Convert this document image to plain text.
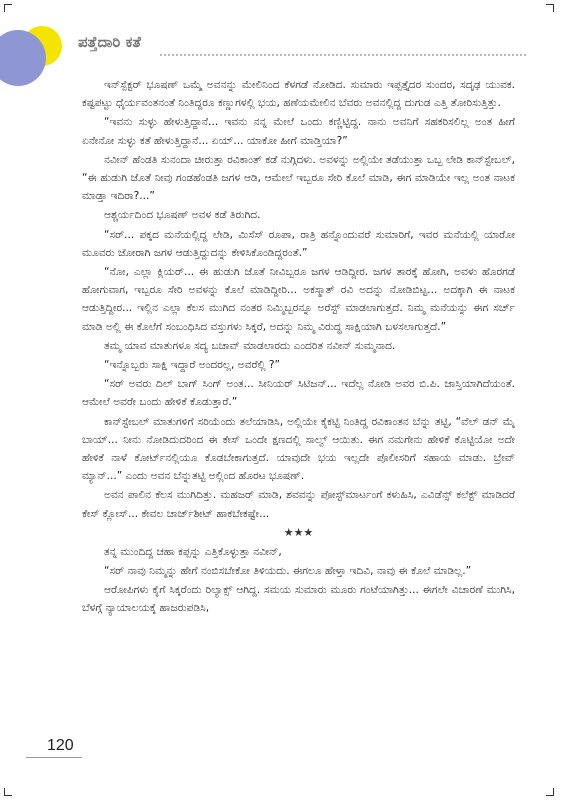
ಪತ್ತೆದಾರಿ ಕತೆ

ಇನ್‌ಸ್ಪೆಕ್ಟರ್ ಭೂಷಣ್ ಒಮ್ಮೆ ಅವನನ್ನು ಮೇಲಿನಿಂದ ಕೆಳಗಡೆ ನೋಡಿದ. ಸುಮಾರು ಇಪ್ಪತ್ತೈದರ ಸುಂದರ, ಸದೃಢ ಯುವಕ. ಕಷ್ಟಪಟ್ಟು ಧೈರ್ಯವಂತನಂತೆ ನಿಂತಿದ್ದರೂ ಕಣ್ಣುಗಳಲ್ಲಿ ಭಯ, ಹಣೆಯಮೇಲಿನ ಬೆವರು ಅವನಲ್ಲಿದ್ದ ದುಗುಡ ಎತ್ತಿ ತೋರಿಸುತ್ತಿತ್ತು.

“ಇವನು ಸುಳ್ಳು ಹೇಳುತ್ತಿದ್ದಾನೆ... ಇವನು ನನ್ನ ಮೇಲೆ ಒಂದು ಕಣ್ಣಿಟ್ಟಿದ್ದ. ನಾನು ಅವನಿಗೆ ಸಹಕರಿಸಲಿಲ್ಲ ಅಂತ ಹೀಗೆ ಏನೇನೋ ಸುಳ್ಳು ಕತೆ ಹೇಳುತ್ತಿದ್ದಾನೆ... ಏಯ್... ಯಾಕೋ ಹೀಗೆ ಮಾಡ್ತಿಯಾ?”

ನವೀನ್ ಹೆಂಡತಿ ಸುನಂದಾ ಚೀರುತ್ತಾ ರವಿಕಾಂತ್ ಕಡೆ ನುಗ್ಗಿದಳು. ಅವಳನ್ನು ಅಲ್ಲಿಯೇ ತಡೆಯುತ್ತಾ ಒಬ್ಬ ಲೇಡಿ ಕಾನ್‌ಸ್ಟೇಬಲ್, “ಈ ಹುಡುಗಿ ಜೊತೆ ನೀವು ಗಂಡಹೆಂಡತಿ ಜಗಳ ಆಡಿ, ಆಮೇಲೆ ಇಬ್ಬರೂ ಸೇರಿ ಕೊಲೆ ಮಾಡಿ, ಈಗ ಮಾಡಿಯೇ ಇಲ್ಲ ಅಂತ ನಾಟಕ ಮಾಡ್ತಾ ಇದಿರಾ?...”

ಆಶ್ಚರ್ಯದಿಂದ ಭೂಷಣ್ ಅವಳ ಕಡೆ ತಿರುಗಿದ.

“ಸರ್... ಪಕ್ಕದ ಮನೆಯಲ್ಲಿದ್ದ ಲೇಡಿ, ಮಿಸೆಸ್ ರೂಪಾ, ರಾತ್ರಿ ಹನ್ನೊಂದುವರೆ ಸುಮಾರಿಗೆ, ಇವರ ಮನೆಯಲ್ಲಿ ಯಾರೋ ಮೂವರು ಜೋರಾಗಿ ಜಗಳ ಆಡುತ್ತಿದ್ದುದನ್ನು ಕೇಳಿಸಿಕೊಂಡಿದ್ದರಂತೆ.”

“ನೋ, ಎಲ್ಲಾ ಕ್ಲಿಯರ್... ಈ ಹುಡುಗಿ ಜೊತೆ ನೀವಿಬ್ಬರೂ ಜಗಳ ಆಡಿದ್ದೀರ. ಜಗಳ ತಾರಕ್ಕೆ ಹೋಗಿ, ಅವಳು ಹೊರಗಡೆ ಹೋಗುವಾಗ, ಇಬ್ಬರೂ ಸೇರಿ ಅವಳನ್ನು ಕೊಲೆ ಮಾಡಿದ್ದೀರಿ... ಅಕಸ್ಮಾತ್ ರವಿ ಅದನ್ನು ನೋಡಿಬಿಟ್ಟ... ಅದಕ್ಕಾಗಿ ಈ ನಾಟಕ ಆಡುತ್ತಿದ್ದೀರ... ಇಲ್ಲಿನ ಎಲ್ಲಾ ಕೆಲಸ ಮುಗಿದ ನಂತರ ನಿಮ್ಮಿಬ್ಬರನ್ನೂ ಅರೆಸ್ಟ್ ಮಾಡಲಾಗುತ್ತದೆ. ನಿಮ್ಮ ಮನೆಯನ್ನು ಈಗ ಸರ್ಚ್ ಮಾಡಿ ಅಲ್ಲಿ ಈ ಕೊಲೆಗೆ ಸಂಬಂಧಿಸಿದ ವಸ್ತುಗಳು ಸಿಕ್ಕರೆ, ಅದನ್ನು ನಿಮ್ಮ ವಿರುದ್ಧ ಸಾಕ್ಷಿಯಾಗಿ ಬಳಸಲಾಗುತ್ತದೆ.”

ತಮ್ಮ ಯಾವ ಮಾತುಗಳೂ ಸದ್ಯ ಬಚಾವ್ ಮಾಡಲಾರದು ಎಂದರಿತ ನವೀನ್ ಸುಮ್ಮನಾದ.

“ಇನ್ನೊಬ್ಬರು ಸಾಕ್ಷಿ ಇದ್ದಾರೆ ಅಂದರಲ್ಲ, ಅವರೆಲ್ಲಿ ?”

“ಸರ್ ಅವರು ದಿಲ್ ಬಾಗ್ ಸಿಂಗ್ ಅಂತ... ಸೀನಿಯರ್ ಸಿಟಿಜನ್... ಇದೆಲ್ಲ ನೋಡಿ ಅವರ ಬಿ.ಪಿ. ಜಾಸ್ತಿಯಾಗಿದೆಯಂತೆ. ಆಮೇಲೆ ಅವರೇ ಬಂದು ಹೇಳಿಕೆ ಕೊಡುತ್ತಾರೆ.”

ಕಾನ್‌ಸ್ಟೇಬಲ್ ಮಾತುಗಳಿಗೆ ಸರಿಯೆಂದು ತಲೆಯಾಡಿಸಿ, ಅಲ್ಲಿಯೇ ಕೈಕಟ್ಟಿ ನಿಂತಿದ್ದ ರವಿಕಾಂತನ ಬೆನ್ನು ತಟ್ಟಿ, “ವೆಲ್ ಡನ್ ಮೈ ಬಾಯ್... ನೀನು ನೋಡಿದುದರಿಂದ ಈ ಕೇಸ್ ಒಂದೇ ಕ್ಷಣದಲ್ಲಿ ಸಾಲ್ವ್ ಆಯಿತು. ಈಗ ನಮಗೇನು ಹೇಳಿಕೆ ಕೊಟ್ಟಿಯೋ ಅದೇ ಹೇಳಿಕೆ ನಾಳೆ ಕೋರ್ಟ್‌ನಲ್ಲಿಯೂ ಕೊಡಬೇಕಾಗುತ್ತದೆ. ಯಾವುದೇ ಭಯ ಇಲ್ಲದೇ ಪೊಲೀಸರಿಗೆ ಸಹಾಯ ಮಾಡು. ಬ್ರೇವ್ ಮ್ಯಾನ್...” ಎಂದು ಅವನ ಬೆನ್ನುತಟ್ಟಿ ಅಲ್ಲಿಂದ ಹೊರಟ ಭೂಷಣ್.

ಅವನ ಪಾಲಿನ ಕೆಲಸ ಮುಗಿದಿತ್ತು. ಮಹಜರ್ ಮಾಡಿ, ಶವವನ್ನು ಪೋಸ್ಟ್‌ಮಾರ್ಟಂಗೆ ಕಳುಹಿಸಿ, ಎವಿಡೆನ್ಸ್ ಕಲೆಕ್ಟ್ ಮಾಡಿದರೆ ಕೇಸ್ ಕ್ಲೋಸ್... ಕೇವಲ ಚಾರ್ಜ್‌ಶೀಟ್ ಹಾಕಬೇಕಷ್ಟೇ...

★★★

ತನ್ನ ಮುಂದಿದ್ದ ಚಹಾ ಕಪ್ಪನ್ನು ಎತ್ತಿಕೊಳ್ಳುತ್ತಾ ನವೀನ್,

“ಸರ್ ನಾವು ನಿಮ್ಮನ್ನು ಹೇಗೆ ನಂಬಿಸಬೇಕೋ ತಿಳಿಯದು. ಈಗಲೂ ಹೇಳ್ತಾ ಇದಿವಿ, ನಾವು ಈ ಕೊಲೆ ಮಾಡಿಲ್ಲ.”

ಆರೋಪಿಗಳು ಕೈಗೆ ಸಿಕ್ಕರೆಂದು ರಿಲ್ಯಾಕ್ಸ್ ಆಗಿದ್ದ. ಸಮಯ ಸುಮಾರು ಮೂರು ಗಂಟೆಯಾಗಿತ್ತು... ಈಗಲೇ ವಿಚಾರಣೆ ಮುಗಿಸಿ, ಬೆಳಗ್ಗೆ ನ್ಯಾಯಾಲಯಕ್ಕೆ ಹಾಜರುಪಡಿಸಿ,

120
